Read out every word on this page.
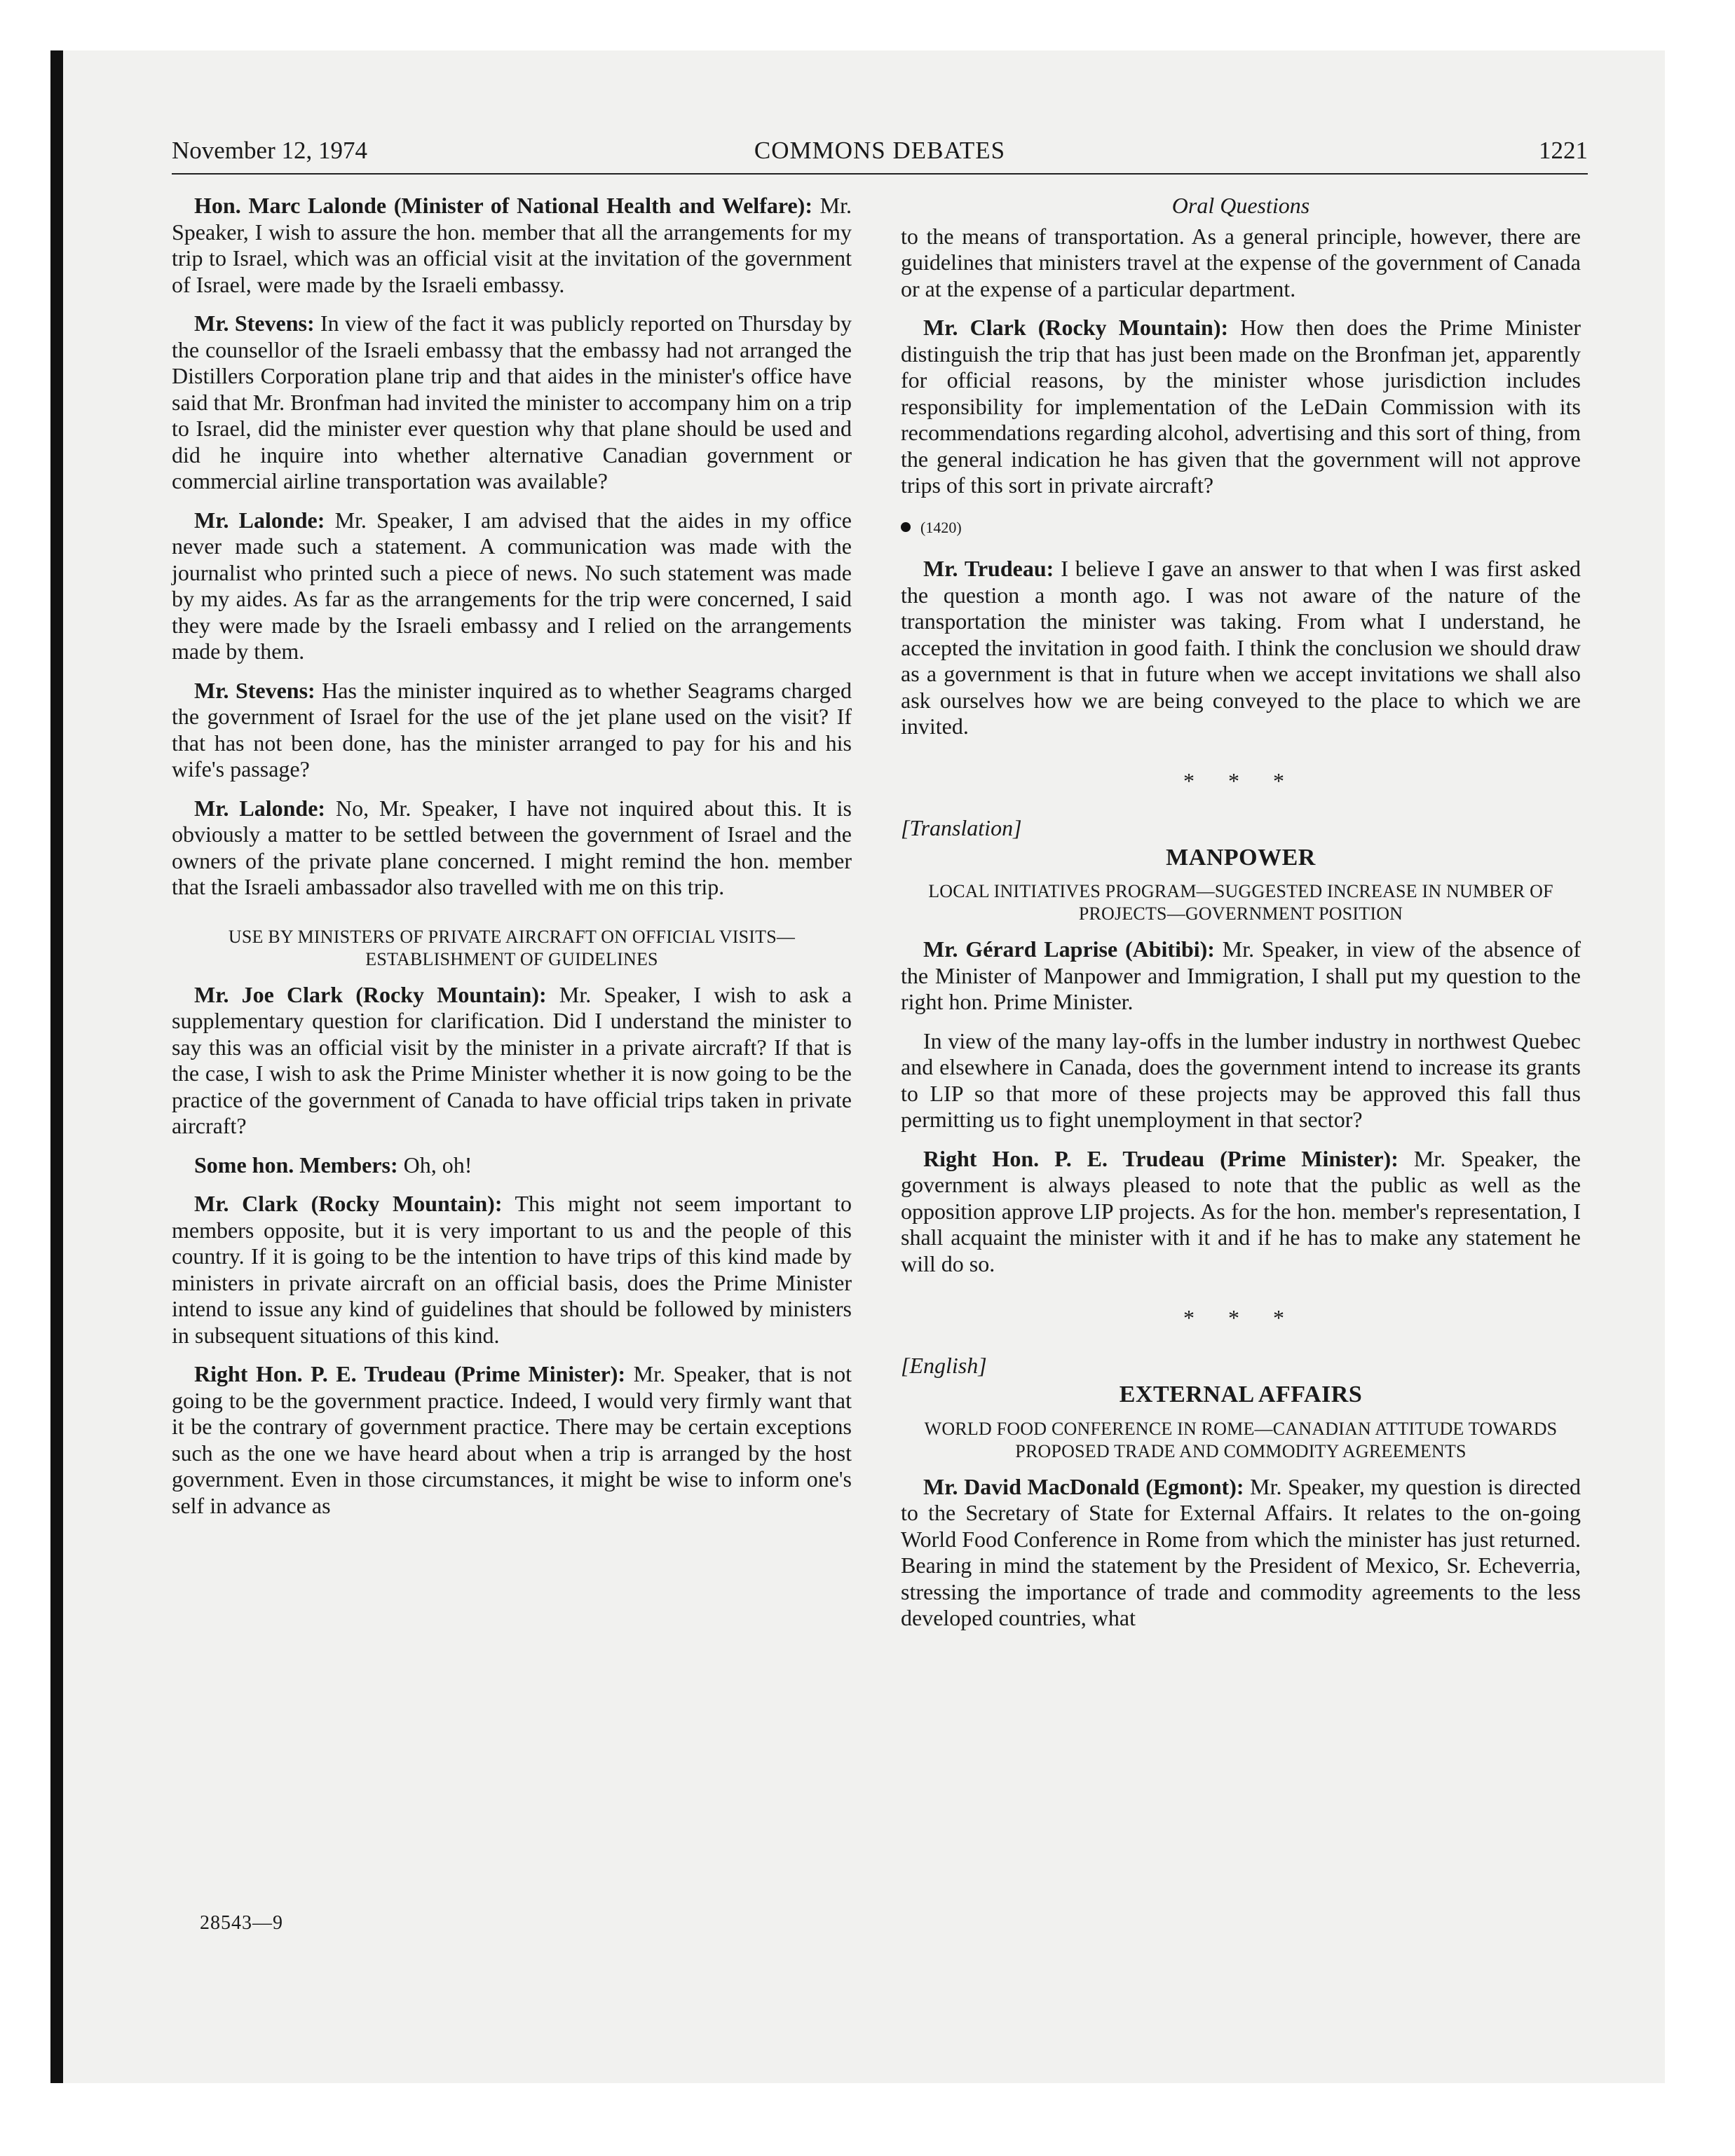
November 12, 1974	COMMONS DEBATES	1221

Hon. Marc Lalonde (Minister of National Health and Welfare): Mr. Speaker, I wish to assure the hon. member that all the arrangements for my trip to Israel, which was an official visit at the invitation of the government of Israel, were made by the Israeli embassy.

Mr. Stevens: In view of the fact it was publicly reported on Thursday by the counsellor of the Israeli embassy that the embassy had not arranged the Distillers Corporation plane trip and that aides in the minister's office have said that Mr. Bronfman had invited the minister to accompany him on a trip to Israel, did the minister ever question why that plane should be used and did he inquire into whether alternative Canadian government or commercial airline transportation was available?

Mr. Lalonde: Mr. Speaker, I am advised that the aides in my office never made such a statement. A communication was made with the journalist who printed such a piece of news. No such statement was made by my aides. As far as the arrangements for the trip were concerned, I said they were made by the Israeli embassy and I relied on the arrangements made by them.

Mr. Stevens: Has the minister inquired as to whether Seagrams charged the government of Israel for the use of the jet plane used on the visit? If that has not been done, has the minister arranged to pay for his and his wife's passage?

Mr. Lalonde: No, Mr. Speaker, I have not inquired about this. It is obviously a matter to be settled between the government of Israel and the owners of the private plane concerned. I might remind the hon. member that the Israeli ambassador also travelled with me on this trip.

USE BY MINISTERS OF PRIVATE AIRCRAFT ON OFFICIAL VISITS—ESTABLISHMENT OF GUIDELINES

Mr. Joe Clark (Rocky Mountain): Mr. Speaker, I wish to ask a supplementary question for clarification. Did I understand the minister to say this was an official visit by the minister in a private aircraft? If that is the case, I wish to ask the Prime Minister whether it is now going to be the practice of the government of Canada to have official trips taken in private aircraft?

Some hon. Members: Oh, oh!

Mr. Clark (Rocky Mountain): This might not seem important to members opposite, but it is very important to us and the people of this country. If it is going to be the intention to have trips of this kind made by ministers in private aircraft on an official basis, does the Prime Minister intend to issue any kind of guidelines that should be followed by ministers in subsequent situations of this kind.

Right Hon. P. E. Trudeau (Prime Minister): Mr. Speaker, that is not going to be the government practice. Indeed, I would very firmly want that it be the contrary of government practice. There may be certain exceptions such as the one we have heard about when a trip is arranged by the host government. Even in those circumstances, it might be wise to inform one's self in advance as

Oral Questions

to the means of transportation. As a general principle, however, there are guidelines that ministers travel at the expense of the government of Canada or at the expense of a particular department.

Mr. Clark (Rocky Mountain): How then does the Prime Minister distinguish the trip that has just been made on the Bronfman jet, apparently for official reasons, by the minister whose jurisdiction includes responsibility for implementation of the LeDain Commission with its recommendations regarding alcohol, advertising and this sort of thing, from the general indication he has given that the government will not approve trips of this sort in private aircraft?

(1420)

Mr. Trudeau: I believe I gave an answer to that when I was first asked the question a month ago. I was not aware of the nature of the transportation the minister was taking. From what I understand, he accepted the invitation in good faith. I think the conclusion we should draw as a government is that in future when we accept invitations we shall also ask ourselves how we are being conveyed to the place to which we are invited.

* * *
[Translation]
MANPOWER
LOCAL INITIATIVES PROGRAM—SUGGESTED INCREASE IN NUMBER OF PROJECTS—GOVERNMENT POSITION

Mr. Gérard Laprise (Abitibi): Mr. Speaker, in view of the absence of the Minister of Manpower and Immigration, I shall put my question to the right hon. Prime Minister.

In view of the many lay-offs in the lumber industry in northwest Quebec and elsewhere in Canada, does the government intend to increase its grants to LIP so that more of these projects may be approved this fall thus permitting us to fight unemployment in that sector?

Right Hon. P. E. Trudeau (Prime Minister): Mr. Speaker, the government is always pleased to note that the public as well as the opposition approve LIP projects. As for the hon. member's representation, I shall acquaint the minister with it and if he has to make any statement he will do so.

* * *
[English]
EXTERNAL AFFAIRS
WORLD FOOD CONFERENCE IN ROME—CANADIAN ATTITUDE TOWARDS PROPOSED TRADE AND COMMODITY AGREEMENTS

Mr. David MacDonald (Egmont): Mr. Speaker, my question is directed to the Secretary of State for External Affairs. It relates to the on-going World Food Conference in Rome from which the minister has just returned. Bearing in mind the statement by the President of Mexico, Sr. Echeverria, stressing the importance of trade and commodity agreements to the less developed countries, what

28543—9
